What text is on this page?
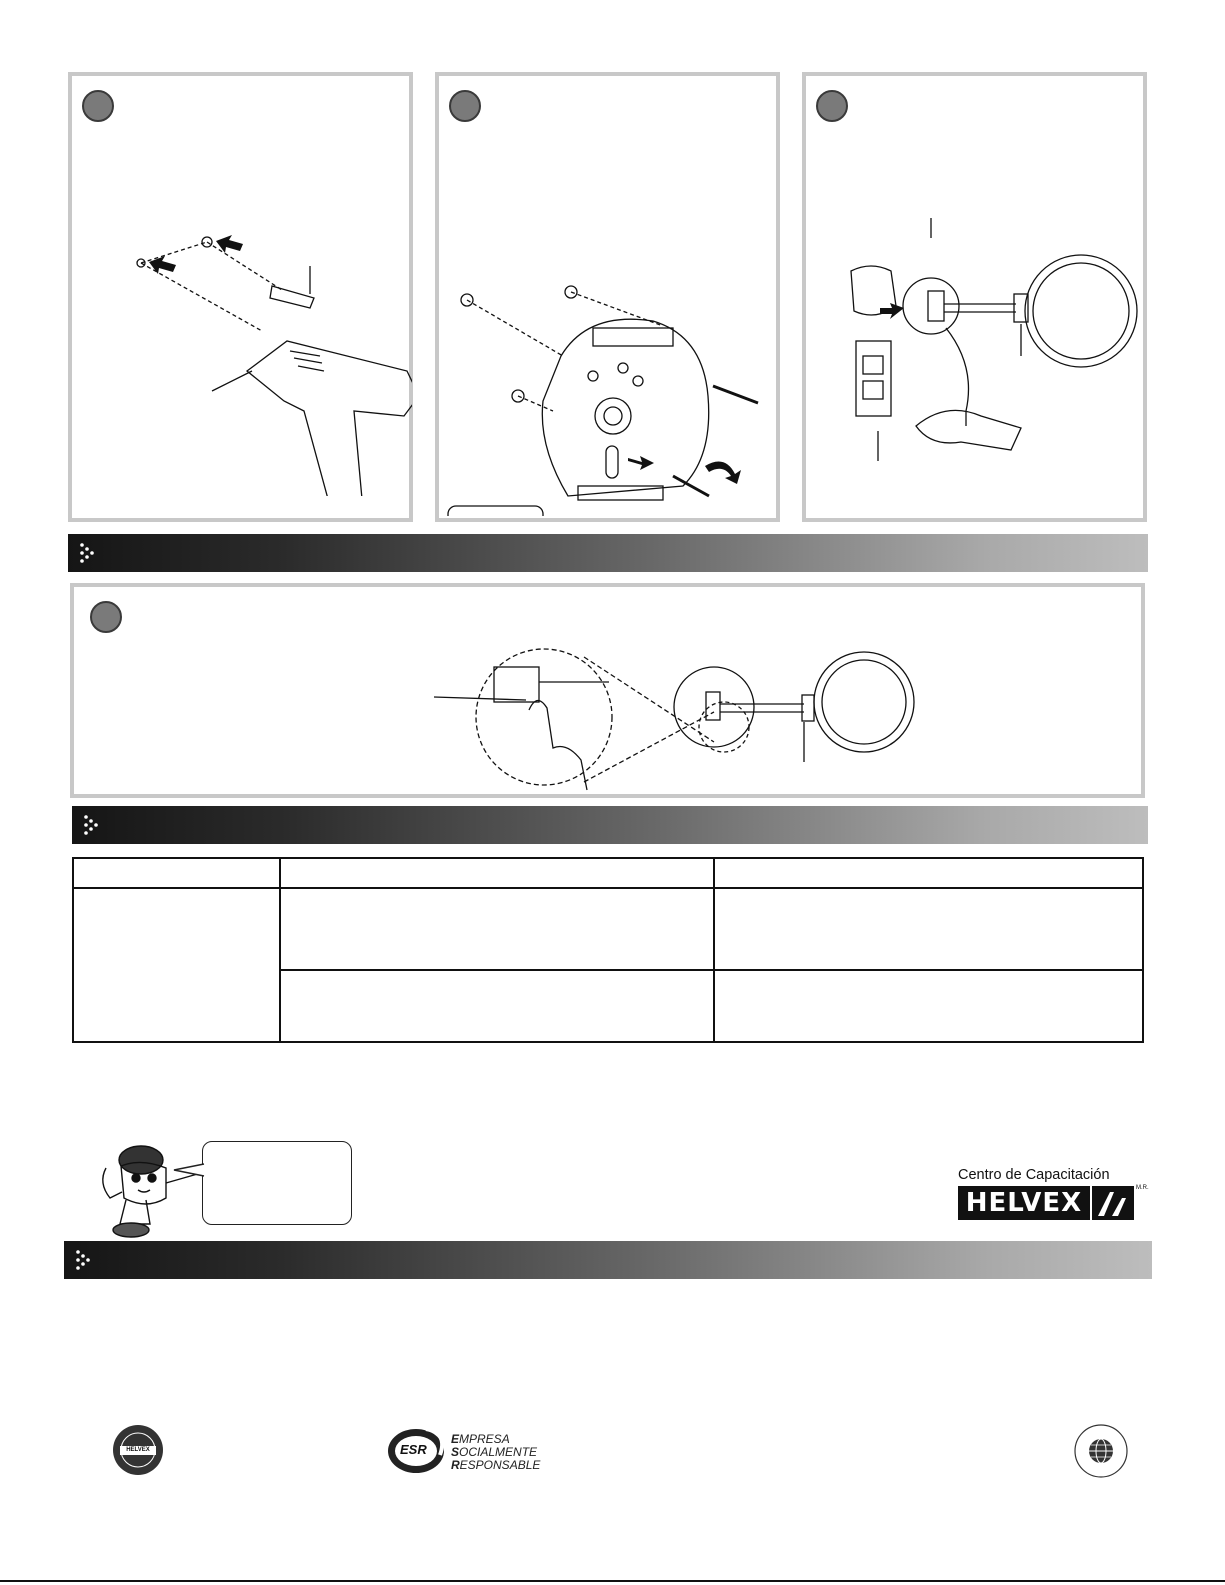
Centro de Capacitación
HELVEX	M.R.
HELVEX	ESR
EMPRESA
SOCIALMENTE
RESPONSABLE
